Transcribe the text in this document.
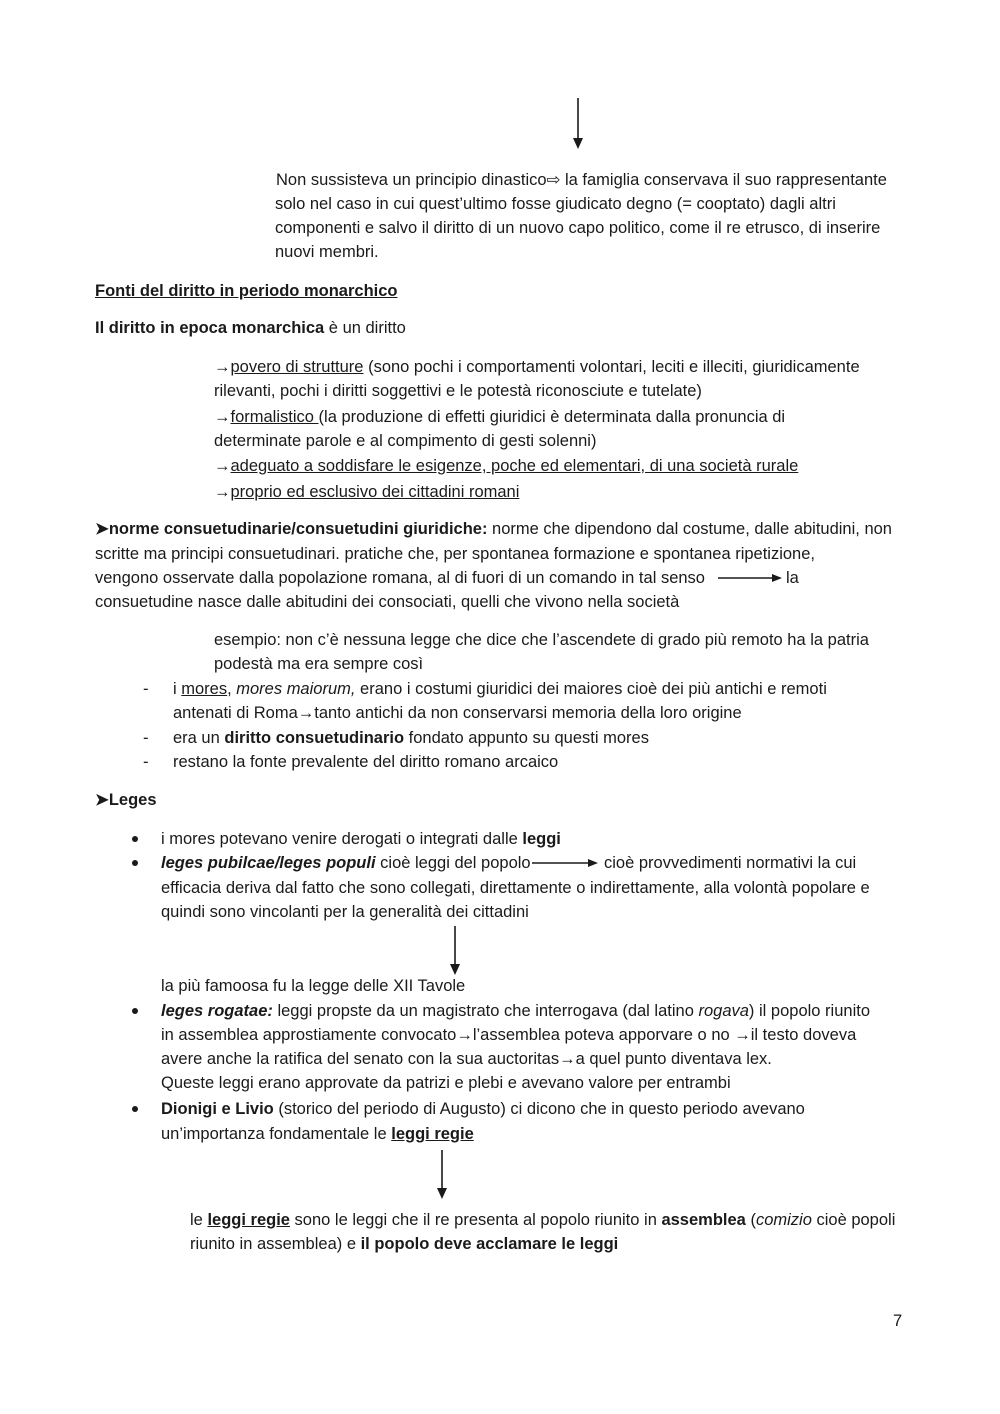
Non sussisteva un principio dinastico⇨ la famiglia conservava il suo rappresentante
solo nel caso in cui quest’ultimo fosse giudicato degno (= cooptato) dagli altri
componenti e salvo il diritto di un nuovo capo politico, come il re etrusco, di inserire
nuovi membri.
Fonti del diritto in periodo monarchico
Il diritto in epoca monarchica è un diritto
→povero di strutture (sono pochi i comportamenti volontari, leciti e illeciti, giuridicamente
rilevanti, pochi i diritti soggettivi e le potestà riconosciute e tutelate)
→formalistico (la produzione di effetti giuridici è determinata dalla pronuncia di
determinate parole e al compimento di gesti solenni)
→adeguato a soddisfare le esigenze, poche ed elementari, di una società rurale
→proprio ed esclusivo dei cittadini romani
➤norme consuetudinarie/consuetudini giuridiche: norme che dipendono dal costume, dalle abitudini, non
scritte ma principi consuetudinari. pratiche che, per spontanea formazione e spontanea ripetizione,
vengono osservate dalla popolazione romana, al di fuori di un comando in tal senso	la
consuetudine nasce dalle abitudini dei consociati, quelli che vivono nella società
esempio: non c’è nessuna legge che dice che l’ascendete di grado più remoto ha la patria
podestà ma era sempre così
- i mores, mores maiorum, erano i costumi giuridici dei maiores cioè dei più antichi e remoti
antenati di Roma→tanto antichi da non conservarsi memoria della loro origine
- era un diritto consuetudinario fondato appunto su questi mores
- restano la fonte prevalente del diritto romano arcaico
➤Leges
i mores potevano venire derogati o integrati dalle leggi
leges pubilcae/leges populi cioè leggi del popolo	cioè provvedimenti normativi la cui
efficacia deriva dal fatto che sono collegati, direttamente o indirettamente, alla volontà popolare e
quindi sono vincolanti per la generalità dei cittadini
la più famoosa fu la legge delle XII Tavole
leges rogatae: leggi propste da un magistrato che interrogava (dal latino rogava) il popolo riunito
in assemblea approstiamente convocato→l’assemblea poteva apporvare o no →il testo doveva
avere anche la ratifica del senato con la sua auctoritas→a quel punto diventava lex.
Queste leggi erano approvate da patrizi e plebi e avevano valore per entrambi
Dionigi e Livio (storico del periodo di Augusto) ci dicono che in questo periodo avevano
un’importanza fondamentale le leggi regie
le leggi regie sono le leggi che il re presenta al popolo riunito in assemblea (comizio cioè popoli
riunito in assemblea) e il popolo deve acclamare le leggi
7
